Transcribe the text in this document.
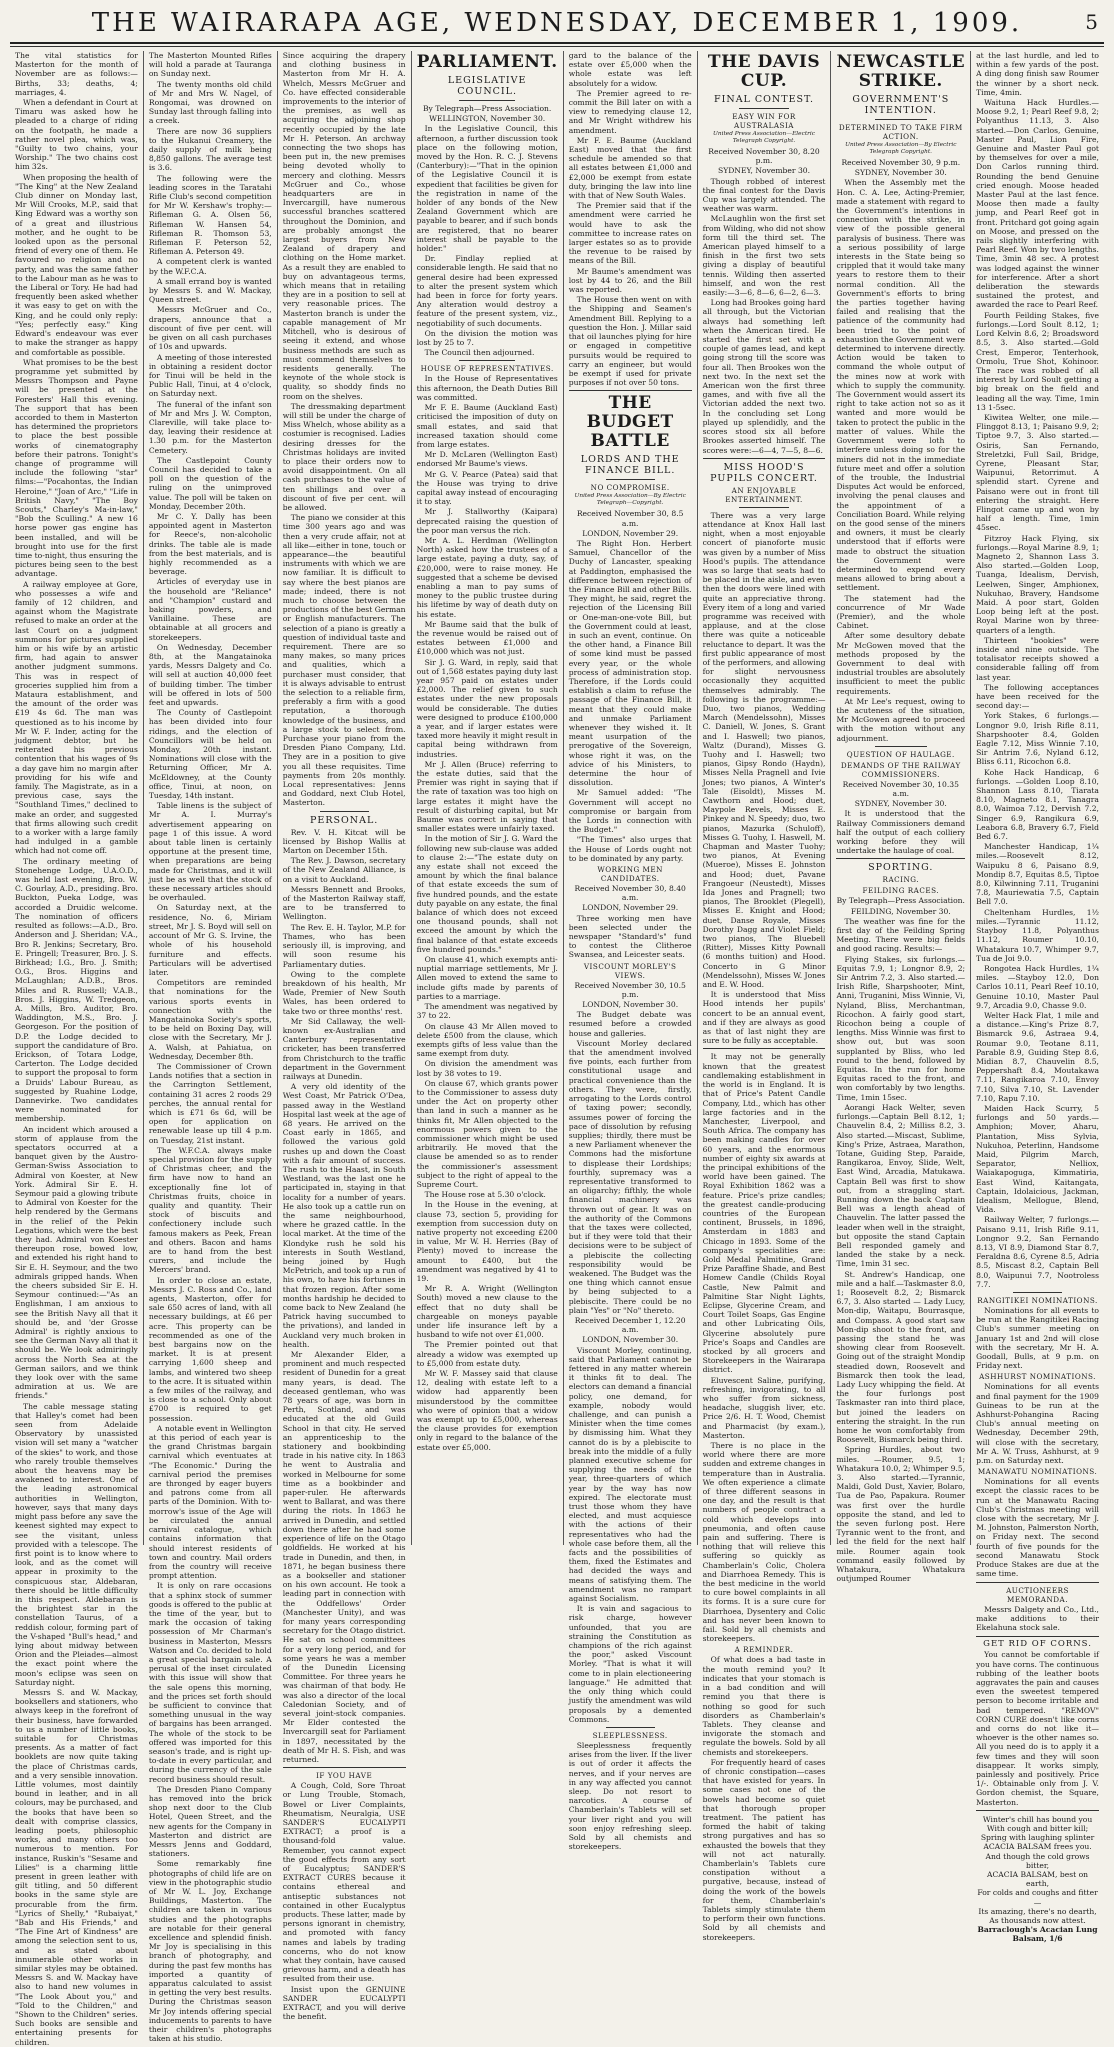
THE WAIRARAPA AGE, WEDNESDAY, DECEMBER 1, 1909.	5

The vital statistics for Masterton for the month of November are as follows:—Births, 33; deaths, 4; marriages, 4.

When a defendant in Court at Timaru was asked how he pleaded to a charge of riding on the footpath, he made a rather novel plea, which was, "Guilty to two chains, your Worship." The two chains cost him 32s.

When proposing the health of "The King" at the New Zealand Club dinner on Monday last, Mr Will Crooks, M.P., said that King Edward was a worthy son of a great and illustrious mother, and he ought to be looked upon as the personal friend of every one of them. He favoured no religion and no party, and was the same father to the Labour man as he was to the Liberal or Tory. He had had frequently been asked whether it was easy to get on with the King, and he could only reply: "Yes; perfectly easy." King Edward's endeavour was ever to make the stranger as happy and comfortable as possible.

What promises to be the best programme yet submitted by Messrs Thompson and Payne will be presented at the Foresters' Hall this evening. The support that has been accorded to them in Masterton has determined the proprietors to place the best possible works of cinematography before their patrons. Tonight's change of programme will include the following "star" films:—"Pocahontas, the Indian Heroine," "Joan of Arc," "Life in British Navy," "The Boy Scouts," Charley's Ma-in-law," "Bob the Sculling." A new 16 horse power gas engine has been installed, and will be brought into use for the first time to-night, thus ensuring the pictures being seen to the best advantage.

A railway employee at Gore, who possesses a wife and family of 12 children, and against whom the Magistrate refused to make an order at the last Court on a judgment summons for pictures supplied him or his wife by an artistic firm, had again to answer another judgment summons. This was in respect of groceries supplied him from a Mataura establishment, and the amount of the order was £19 4s 6d. The man was questioned as to his income by Mr W. F. Inder, acting for the judgment debtor, but he reiterated his previous contention that his wages of 9s a day gave him no margin after providing for his wife and family. The Magistrate, as in a previous case, says the "Southland Times," declined to make an order, and suggested that firms allowing such credit to a worker with a large family had indulged in a gamble which had not come off.

The ordinary meeting of Stonehenge Lodge, U.A.O.D., was held last evening, Bro. W. C. Gourlay, A.D., presiding. Bro. Buckton, Pueka Lodge, was accorded a Druidic welcome. The nomination of officers resulted as follows:—A.D., Bro. Anderson and J. Sheridan; V.A., Bro R. Jenkins; Secretary, Bro. E. Pringell; Treasurer, Bro. J. S. Birkhead; I.G., Bro. J. Smith; O.G., Bros. Higgins and McLaughlan; A.D.B., Bros. Miles and R. Russell; V.A.B., Bros. J. Higgins, W. Tredgeon, A. Mills, Bro. Auditor, Bro. Waddington, M.S., Bro. J. Georgeson. For the position of D.P. the Lodge decided to support the candidature of Bro. Erickson, of Totara Lodge, Carterton. The Lodge decided to support the proposal to form a Druids' Labour Bureau, as suggested by Ruahine Lodge, Dannevirke. Two candidates were nominated for membership.

An incident which aroused a storm of applause from the spectators occurred at a banquet given by the Austro-German-Swiss Association to Admiral von Koester, at New York. Admiral Sir E. H. Seymour paid a glowing tribute to Admiral von Koester for the help rendered by the Germans in the relief of the Pekin Legations, which were the best they had. Admiral von Koester thereupon rose, bowed low, and extended his right hand to Sir E. H. Seymour, and the two admirals gripped hands. When the cheers subsided Sir E. H. Seymour continued:—"As an Englishman, I am anxious to see the British Navy all that it should be, and 'der Grosse Admiral' is rightly anxious to see the German Navy all that it should be. We look admiringly across the North Sea at the German sailors, and we think they look over with the same admiration at us. We are friends."

The cable message stating that Halley's comet had been seen from Adelaide Observatory by unassisted vision will set many a "watcher of the skies" to work, and those who rarely trouble themselves about the heavens may be awakened to interest. One of the leading astronomical authorities in Wellington, however, says that many days might pass before any save the keenest sighted may expect to see the visitant, unless provided with a telescope. The first point is to know where to look, and as the comet will appear in proximity to the conspicuous star, Aldebaran, there should be little difficulty in this respect. Aldebaran is the brightest star in the constellation Taurus, of a reddish colour, forming part of the V-shaped "Bull's head," and lying about midway between Orion and the Pleiades—almost the exact point where the moon's eclipse was seen on Saturday night.

Messrs S. and W. Mackay, booksellers and stationers, who always keep in the forefront of their business, have forwarded to us a number of little books, suitable for Christmas presents. As a matter of fact booklets are now quite taking the place of Christmas cards, and a very sensible innovation. Little volumes, most daintily bound in leather, and in all colours, may be purchased, and the books that have been so dealt with comprise classics, leading poets, philosophic works, and many others too numerous to mention. For instance, Ruskin's "Sesame and Lilies" is a charming little present in green leather with gilt titling, and 50 different books in the same style are procurable from the firm. "Lyrics of Shelly," "Rubaiyat," "Bab and His Friends," and "The Fine Art of Kindness" are among the selection sent to us, and as stated about innumerable other works in similar styles may be obtained. Messrs S. and W. Mackay have also to hand new volumes in "The Look About you," and "Told to the Children," and "Shown to the Children" series. Such books are sensible and entertaining presents for children.

The Masterton Mounted Rifles will hold a parade at Tauranga on Sunday next.

The twenty months old child of Mr and Mrs W. Nagel, of Rongomai, was drowned on Sunday last through falling into a creek.

There are now 36 suppliers to the Hukanui Creamery, the daily supply of milk being 8,850 gallons. The average test is 3.6.

The following were the leading scores in the Taratahi Rifle Club's second competition for Mr W. Kershaw's trophy:—Rifleman G. A. Olsen 56, Rifleman W. Hansen 54, Rifleman R. Thomson 53, Rifleman F. Peterson 52, Rifleman A. Peterson 49.

A competent clerk is wanted by the W.F.C.A.

A small errand boy is wanted by Messrs S. and W. Mackay, Queen street.

Messrs McGruer and Co., drapers, announce that a discount of five per cent. will be given on all cash purchases of 10s and upwards.

A meeting of those interested in obtaining a resident doctor for Tinui will be held in the Public Hall, Tinui, at 4 o'clock, on Saturday next.

The funeral of the infant son of Mr and Mrs J. W. Compton, Clareville, will take place to-day, leaving their residence at 1.30 p.m. for the Masterton Cemetery.

The Castlepoint County Council has decided to take a poll on the question of the ruling on the unimproved value. The poll will be taken on Monday, December 20th.

Mr C. Y. Dally has been appointed agent in Masterton for Reece's, non-alcoholic drinks. The table ale is made from the best materials, and is highly recommended as a beverage.

Articles of everyday use in the household are "Reliance" and "Champion" custard and baking powders, and Vanillaine. These are obtainable at all grocers and storekeepers.

On Wednesday, December 8th, at the Mangatainoka yards, Messrs Dalgety and Co. will sell at auction 40,000 feet of building timber. The timber will be offered in lots of 500 feet and upwards.

The County of Castlepoint has been divided into four ridings, and the election of Councillors will be held on Monday, 20th instant. Nominations will close with the Returning Officer, Mr A. McEldowney, at the County office, Tinui, at noon, on Tuesday, 14th instant.

Table linens is the subject of Mr A. I. Murray's advertisement appearing on page 1 of this issue. A word about table linen is certainly opportune at the present time, when preparations are being made for Christmas, and it will just be as well that the stock of these necessary articles should be overhauled.

On Saturday next, at the residence, No. 6, Miriam street, Mr J. S. Boyd will sell on account of Mr G. S. Irvine, the whole of his household furniture and effects. Particulars will be advertised later.

Competitors are reminded that nominations for the various sports events in connection with the Mangatainoka Society's sports, to be held on Boxing Day, will close with the Secretary, Mr J. A. Walsh, at Pahiatua, on Wednesday, December 8th.

The Commissioner of Crown Lands notifies that a section in the Carrington Settlement, containing 31 acres 2 roods 29 perches, the annual rental for which is £71 6s 6d, will be open for application on renewable lease up till 4 p.m. on Tuesday, 21st instant.

The W.F.C.A. always make special provision for the supply of Christmas cheer, and the firm have now to hand an exceptionally fine lot of Christmas fruits, choice in quality and quantity. Their stock of biscuits and confectionery include such famous makers as Peek, Frean and others. Bacon and hams are to hand from the best curers, and include the Mercers' brand.

In order to close an estate, Messrs J. C. Ross and Co., land agents, Masterton, offer for sale 650 acres of land, with all necessary buildings, at £6 per acre. This property can be recommended as one of the best bargains now on the market. It is at present carrying 1,600 sheep and lambs, and wintered two sheep to the acre. It is situated within a few miles of the railway, and is close to a school. Only about £700 is required to get possession.

A notable event in Wellington at this period of each year is the grand Christmas bargain carnival which eventuates at "The Economic." During the carnival period the premises are thronged by eager buyers and patrons come from all parts of the Dominion. With to-morrow's issue of the Age will be circulated the annual carnival catalogue, which contains information that should interest residents of town and country. Mail orders from the country will receive prompt attention.

It is only on rare occasions that a sphinx stock of summer goods is offered to the public at the time of the year, but to mark the occasion of taking possession of Mr Charman's business in Masterton, Messrs Watson and Co. decided to hold a great special bargain sale. A perusal of the inset circulated with this issue will show that the sale opens this morning, and the prices set forth should be sufficient to convince that something unusual in the way of bargains has been arranged. The whole of the stock to be offered was imported for this season's trade, and is right up-to-date in every particular, and during the currency of the sale record business should result.

The Dresden Piano Company has removed into the brick shop next door to the Club Hotel, Queen Street, and the new agents for the Company in Masterton and district are Messrs Jenns and Goddard, stationers.

Some remarkably fine photographs of child life are on view in the photographic studio of Mr W. L. Joy, Exchange Buildings, Masterton. The children are taken in various studies and the photographs are notable for their general excellence and splendid finish. Mr Joy is specialising in this branch of photography, and during the past few months has imported a quantity of apparatus calculated to assist in getting the very best results. During the Christmas season Mr Joy intends offering special inducements to parents to have their children's photographs taken at his studio.

Since acquiring the drapery and clothing business in Masterton from Mr H. A. Whelch, Messrs McGruer and Co. have effected considerable improvements to the interior of the premises, as well as acquiring the adjoining shop recently occupied by the late Mr H. Peterson. An archway connecting the two shops has been put in, the new premises being devoted wholly to mercery and clothing. Messrs McGruer and Co., whose headquarters are in Invercargill, have numerous successful branches scattered throughout the Dominion, and are probably amongst the largest buyers from New Zealand of drapery and clothing on the Home market. As a result they are enabled to buy on advantageous terms, which means that in retailing they are in a position to sell at very reasonable prices. The Masterton branch is under the capable management of Mr Mitchell, who is desirous of seeing it extend, and whose business methods are such as must commend themselves to residents generally. The keynote of the whole stock is quality, so shoddy finds no room on the shelves.

The dressmaking department will still be under the charge of Miss Whelch, whose ability as a costumier is recognised. Ladies desiring dresses for the Christmas holidays are invited to place their orders now to avoid disappointment. On all cash purchases to the value of ten shillings and over a discount of five per cent. will be allowed.

The piano we consider at this time 300 years ago and was then a very crude affair, not at all like—either in tone, touch or appearance—the beautiful instruments with which we are now familiar. It is difficult to say where the best pianos are made; indeed, there is not much to choose between the productions of the best German or English manufacturers. The selection of a piano is greatly a question of individual taste and requirement. There are so many makes, so many prices and qualities, which a purchaser must consider, that it is always advisable to entrust the selection to a reliable firm, preferably a firm with a good reputation, a thorough knowledge of the business, and a large stock to select from. Purchase your piano from the Dresden Piano Company, Ltd. They are in a position to give you all these requisites. Time payments from 20s monthly. Local representatives: Jenns and Goddard, next Club Hotel, Masterton.

PERSONAL.

Rev. V. H. Kitcat will be licensed by Bishop Wallis at Marton on December 15th.

The Rev. J. Dawson, secretary of the New Zealand Alliance, is on a visit to Auckland.

Messrs Bennett and Brooks, of the Masterton Railway staff, are to be transferred to Wellington.

The Rev. E. H. Taylor, M.P. for Thames, who has been seriously ill, is improving, and will soon resume his Parliamentary duties.

Owing to the complete breakdown of his health, Mr Wade, Premier of New South Wales, has been ordered to take two or three months' rest.

Mr Sid Callaway, the well-known ex-Australian and Canterbury representative cricketer, has been transferred from Christchurch to the traffic department in the Government railways at Dunedin.

A very old identity of the West Coast, Mr Patrick O'Dea, passed away in the Westland Hospital last week at the age of 68 years. He arrived on the Coast early in 1865, and followed the various gold rushes up and down the Coast with a fair amount of success. The rush to the Haast, in South Westland, was the last one he participated in, staying in that locality for a number of years. He also took up a cattle run on the same neighbourhood, where he grazed cattle. In the local market. At the time of the Klondyke rush he sold his interests in South Westland, being joined by Hugh McPetrich, and took up a run of his own, to have his fortunes in that frozen region. After some months hardship he decided to come back to New Zealand (he Patrick having succumbed to the privations), and landed in Auckland very much broken in health.

Mr Alexander Elder, a prominent and much respected resident of Dunedin for a great many years, is dead. The deceased gentleman, who was 78 years of age, was born in Perth, Scotland, and was educated at the old Guild School in that city. He served an apprenticeship to the stationery and bookbinding trade in his native city. In 1863 he went to Australia and worked in Melbourne for some time as a bookbinder and paper-ruler. He afterwards went to Ballarat, and was there during the riots. In 1863 he arrived in Dunedin, and settled down there after he had some experience of life on the Otago goldfields. He worked at his trade in Dunedin, and then, in 1871, he began business there as a bookseller and stationer on his own account. He took a leading part in connection with the Oddfellows' Order (Manchester Unity), and was for many years corresponding secretary for the Otago district. He sat on school committees for a very long period, and for some years he was a member of the Dunedin Licensing Committee. For three years he was chairman of that body. He was also a director of the local Caledonian Society, and of several joint-stock companies. Mr Elder contested the Invercargill seat for Parliament in 1897, necessitated by the death of Mr H. S. Fish, and was returned.

IF YOU HAVE

A Cough, Cold, Sore Throat or Lung Trouble, Stomach, Bowel or Liver Complaints, Rheumatism, Neuralgia, USE SANDER'S EUCALYPTI EXTRACT; a proof is a thousand-fold value. Remember, you cannot expect the good effects from any sort of Eucalyptus; SANDER'S EXTRACT CURES because it contains ethereal and antiseptic substances not contained in other Eucalyptus products. These latter, made by persons ignorant in chemistry, and promoted with fancy names and labels by trading concerns, who do not know what they contain, have caused grievous harm, and a death has resulted from their use.

Insist upon the GENUINE SANDER EUCALYPTI EXTRACT, and you will derive the benefit.

PARLIAMENT.
LEGISLATIVE COUNCIL.
By Telegraph—Press Association.
WELLINGTON, November 30.

In the Legislative Council, this afternoon, a further discussion took place on the following motion, moved by the Hon. R. C. J. Stevens (Canterbury):—"That in the opinion of the Legislative Council it is expedient that facilities be given for the registration in name of the holder of any bonds of the New Zealand Government which are payable to bearer, and if such bonds are registered, that no bearer interest shall be payable to the holder."

Dr. Findlay replied at considerable length. He said that no general desire had been expressed to alter the present system which had been in force for forty years. Any alteration would destroy a feature of the present system, viz., negotiability of such documents.

On the division the motion was lost by 25 to 7.

The Council then adjourned.

HOUSE OF REPRESENTATIVES.

In the House of Representatives this afternoon, the Death Duties Bill was committed.

Mr F. E. Baume (Auckland East) criticised the imposition of duty on small estates, and said that increased taxation should come from large estates.

Mr D. McLaren (Wellington East) endorsed Mr Baume's views.

Mr G. V. Pearce (Patea) said that the House was trying to drive capital away instead of encouraging it to stay.

Mr J. Stallworthy (Kaipara) deprecated raising the question of the poor man versus the rich.

Mr A. L. Herdman (Wellington North) asked how the trustees of a large estate, paying a duty, say, of £20,000, were to raise money. He suggested that a scheme be devised enabling a man to pay sums of money to the public trustee during his lifetime by way of death duty on his estate.

Mr Baume said that the bulk of the revenue would be raised out of estates between £1,000 and £10,000 which was not just.

Sir J. G. Ward, in reply, said that out of 1,568 estates paying duty last year 957 paid on estates under £2,000. The relief given to such estates under the new proposals would be considerable. The duties were designed to produce £100,000 a year, and if larger estates were taxed more heavily it might result in capital being withdrawn from industries.

Mr J. Allen (Bruce) referring to the estate duties, said that the Premier was right in saying that if the rate of taxation was too high on large estates it might have the result of disturbing capital, but Mr Baume was correct in saying that smaller estates were unfairly taxed.

In the motion of Sir J. G. Ward the following new sub-clause was added to clause 2:—"The estate duty on any estate shall not exceed the amount by which the final balance of that estate exceeds the sum of five hundred pounds, and the estate duty payable on any estate, the final balance of which does not exceed one thousand pounds, shall not exceed the amount by which the final balance of that estate exceeds five hundred pounds."

On clause 41, which exempts anti-nuptial marriage settlements, Mr J. Allen moved to extend the same to include gifts made by parents of parties to a marriage.

The amendment was negatived by 37 to 22.

On clause 43 Mr Allen moved to delete £500 from the clause, which exempts gifts of less value than the same exempt from duty.

On division the amendment was lost by 38 votes to 19.

On clause 67, which grants power to the Commissioner to assess duty under the Act on property other than land in such a manner as he thinks fit, Mr Allen objected to the enormous powers given to the commissioner which might be used arbitrarily. He moved that the clause be amended so as to render the commissioner's assessment subject to the right of appeal to the Supreme Court.

The House rose at 5.30 o'clock.

In the House in the evening, at clause 73, section 5, providing for exemption from succession duty on native property not exceeding £200 in value, Mr W. H. Herries (Bay of Plenty) moved to increase the amount to £400, but the amendment was negatived by 41 to 19.

Mr R. A. Wright (Wellington South) moved a new clause to the effect that no duty shall be chargeable on moneys payable under life insurance left by a husband to wife not over £1,000.

The Premier pointed out that already a widow was exempted up to £5,000 from estate duty.

Mr W. F. Massey said that clause 12, dealing with estate left to a widow had apparently been misunderstood by the committee who were of opinion that a widow was exempt up to £5,000, whereas the clause provides for exemption only in regard to the balance of the estate over £5,000.

gard to the balance of the estate over £5,000 when the whole estate was left absolutely for a widow.

The Premier agreed to re-commit the Bill later on with a view to remedying clause 12, and Mr Wright withdrew his amendment.

Mr F. E. Baume (Auckland East) moved that the first schedule be amended so that all estates between £1,000 and £2,000 be exempt from estate duty, bringing the law into line with that of New South Wales.

The Premier said that if the amendment were carried he would have to ask the committee to increase rates on larger estates so as to provide the revenue to be raised by means of the Bill.

Mr Baume's amendment was lost by 44 to 26, and the Bill was reported.

The House then went on with the Shipping and Seamen's Amendment Bill. Replying to a question the Hon. J. Millar said that oil launches plying for hire or engaged in competitive pursuits would be required to carry an engineer, but would be exempt if used for private purposes if not over 50 tons.

THE BUDGET BATTLE
LORDS AND THE FINANCE BILL.
NO COMPROMISE.
United Press Association—By Electric Telegraph—Copyright.
Received November 30, 8.5 a.m.
LONDON, November 29.

The Right Hon. Herbert Samuel, Chancellor of the Duchy of Lancaster, speaking at Paddington, emphasised the difference between rejection of the Finance Bill and other Bills. They might, he said, regret the rejection of the Licensing Bill or One-man-one-vote Bill, but the Government could at least, in such an event, continue. On the other hand, a Finance Bill of some kind must be passed every year, or the whole process of administration stop. Therefore, if the Lords could establish a claim to refuse the passage of the Finance Bill, it meant that they could make and unmake Parliament whenever they wished it. It meant usurpation of the prerogative of the Sovereign, whose right it was, on the advice of his Ministers, to determine the hour of dissolution.

Mr Samuel added: "The Government will accept no compromise or bargain from the Lords in connection with the Budget."

"The Times" also urges that the House of Lords ought not to be dominated by any party.

WORKING MEN CANDIDATES.
Received November 30, 8.40 a.m.
LONDON, November 29.

Three working men have been selected under the newspaper "Standard's" fund to contest the Clitheroe Swansea, and Leicester seats.

VISCOUNT MORLEY'S VIEWS.
Received November 30, 10.5 p.m.
LONDON, November 30.

The Budget debate was resumed before a crowded house and galleries.

Viscount Morley declared that the amendment involved five points, each further from constitutional usage and practical convenience than the others. They were, firstly, arrogating to the Lords control of taxing power; secondly, assumes power of forcing the pace of dissolution by refusing supplies; thirdly, there must be a new Parliament whenever the Commons had the misfortune to displease their Lordships; fourthly, supremacy was a representative transformed to an oligarchy; fifthly, the whole financial machinery was thrown out of gear. It was on the authority of the Commons that the taxes were collected, but if they were told that their decisions were to be subject of a plebiscite the collecting responsibility would be weakened. The Budget was the one thing which cannot ensue by being subjected to a plebiscite. There could be no plain "Yes" or "No" thereto.

Received December 1, 12.20 a.m.
LONDON, November 30.

Viscount Morley, continuing, said that Parliament cannot be fettered in any matter wherein it thinks fit to deal. The electors can demand a financial policy, one demand, for example, nobody would challenge, and can punish a Minister when the time comes by dismissing him. What they cannot do is by a plebiscite to break into the middle of a fully planned executive scheme for supplying the needs of the year, three-quarters of which year by the way has now expired. The electorate must trust those whom they have elected, and must acquiesce with the actions of their representatives who had the whole case before them, all the facts and the possibilities of them, fixed the Estimates and had decided the ways and means of satisfying them. The amendment was no rampart against Socialism.

It is vain and sagacious to risk charge, however unfounded, that you are straining the Constitution as champions of the rich against the poor," asked Viscount Morley. "That is what it will come to in plain electioneering language." He admitted that the only thing which could justify the amendment was wild proposals by a demented Commons.

SLEEPLESSNESS.

Sleeplessness frequently arises from the liver. If the liver is out of order it affects the nerves, and if your nerves are in any way affected you cannot sleep. Do not resort to narcotics. A course of Chamberlain's Tablets will set your liver right and you will soon enjoy refreshing sleep. Sold by all chemists and storekeepers.

THE DAVIS CUP.
FINAL CONTEST.
EASY WIN FOR AUSTRALASIA
United Press Association—Electric Telegraph Copyright.
Received November 30, 8.20 p.m.
SYDNEY, November 30.

Though robbed of interest the final contest for the Davis Cup was largely attended. The weather was warm.

McLaughlin won the first set from Wilding, who did not show form till the third set. The American played himself to a finish in the first two sets giving a display of beautiful tennis. Wilding then asserted himself, and won the rest easily:—3—6, 8—6, 6—2, 6—3.

Long had Brookes going hard all through, but the Victorian always had something left when the American tired. He started the first set with a couple of games lead, and kept going strong till the score was four all. Then Brookes won the next two. In the next set the American won the first three games, and with five all the Victorian added the next two. In the concluding set Long played up splendidly, and the scores stood six all before Brookes asserted himself. The scores were:—6—4, 7—5, 8—6.

MISS HOOD'S PUPILS CONCERT.
AN ENJOYABLE ENTERTAINMENT.

There was a very large attendance at Knox Hall last night, when a most enjoyable concert of pianoforte music was given by a number of Miss Hood's pupils. The attendance was so large that seats had to be placed in the aisle, and even then the doors were lined with quite an appreciative throng. Every item of a long and varied programme was received with applause, and at the close there was quite a noticeable reluctance to depart. It was the first public appearance of most of the performers, and allowing for slight nervousness occasionally they acquitted themselves admirably. The following is the programme:—Duo, two pianos, Wedding March (Mendelssohn), Misses C. Daniell, W. Jones, S. Grant and I. Haswell; two pianos, Waltz (Durand), Misses G. Tuohy and I. Haswell; two pianos, Gipsy Rondo (Haydn), Misses Nella Pragnell and Ivie Jones; two pianos, A Winter's Tale (Eisoldt), Misses M. Cawthorn and Hood; duet, Maypole Revels, Misses E. Pinkey and N. Speedy; duo, two pianos, Mazurka (Schuloff), Misses G. Tuohy, I. Haswell, M. Chapman and Master Tuohy; two pianos, At Evening (Mueroe), Misses E. Johnston and Hood; duet, Pavane Frangoeur (Neustedt), Misses Ida Jones and Pragnell; two pianos, The Brooklet (Plegell), Misses E. Knight and Hood; duet, Danse Royale, Misses Dorothy Dagg and Violet Field; two pianos, The Bluebell (Ritter), Misses Kitty Pownall (6 months tuition) and Hood. Concerto in G Minor (Mendelssohn), Misses W. Jones and E. W. Hood.

It is understood that Miss Hood intends her pupils' concert to be an annual event, and if they are always as good as that of last night they are sure to be fully as acceptable.

It may not be generally known that the greatest candlemaking establishment in the world is in England. It is that of Price's Patent Candle Company, Ltd., which has other large factories and in the Manchester, Liverpool, and South Africa. The company has been making candles for over 60 years, and the enormous number of eighty six awards at the principal exhibitions of the world have been gained. The Royal Exhibition 1862 was a feature. Price's prize candles; the greatest candle-producing countries of the European continent, Brussels, in 1896, Amsterdam in 1883 and Chicago in 1893. Some of the company's specialities are: Gold Medal Palmitine, Grand Prize Paraffine Shade, and Best Homew Candle (Childs Royal Castle, New Palmit and Palmitine Star Night Lights, Eclipse, Glycerine Cream, and Court Toilet Soaps, Gas Engine and other Lubricating Oils, Glycerine absolutely pure Price's Soaps and Candles are stocked by all grocers and Storekeepers in the Wairarapa district.

Eluvescent Saline, purifying, refreshing, invigorating, to all who suffer from sickness, headache, sluggish liver, etc. Price 2/6. H. T. Wood, Chemist and Pharmacist (by exam.), Masterton.

There is no place in the world where there are more sudden and extreme changes in temperature than in Australia. We often experience a climate of three different seasons in one day, and the result is that numbers of people contract a cold which develops into pneumonia, and often cause pain and suffering. There is nothing that will relieve this suffering so quickly as Chamberlain's Colic, Cholera and Diarrhoea Remedy. This is the best medicine in the world to cure bowel complaints in all its forms. It is a sure cure for Diarrhoea, Dysentery and Colic and has never been known to fail. Sold by all chemists and storekeepers.

A REMINDER.

Of what does a bad taste in the mouth remind you? It indicates that your stomach is in a bad condition and will remind you that there is nothing so good for such disorders as Chamberlain's Tablets. They cleanse and invigorate the stomach and regulate the bowels. Sold by all chemists and storekeepers.

For frequently heard of cases of chronic constipation—cases that have existed for years. In some cases not one of the bowels had become so quiet that thorough proper treatment. The patient has formed the habit of taking strong purgatives and has so exhausted the bowels that they will not act naturally. Chamberlain's Tablets cure constipation without a purgative, because, instead of doing the work of the bowels for them, Chamberlain's Tablets simply stimulate them to perform their own functions. Sold by all chemists and storekeepers.

NEWCASTLE STRIKE.
GOVERNMENT'S INTENTION.
DETERMINED TO TAKE FIRM ACTION.
United Press Association—By Electric Telegraph Copyright.
Received November 30, 9 p.m.
SYDNEY, November 30.

When the Assembly met the Hon. C. A. Lee, Acting-Premier, made a statement with regard to the Government's intentions in connection with the strike, in view of the possible general paralysis of business. There was a serious possibility of large interests in the State being so crippled that it would take many years to restore them to their normal condition. All the Government's efforts to bring the parties together having failed and realising that the patience of the community had been tried to the point of exhaustion the Government were determined to intervene directly. Action would be taken to command the whole output of the mines now at work with which to supply the community. The Government would assert its right to take action not so as it wanted and more would be taken to protect the public in the matter of values. While the Government were loth to interfere unless doing so for the miners did not in the immediate future meet and offer a solution of the trouble, the Industrial Disputes Act would be enforced, involving the penal clauses and the appointment of a Conciliation Board. While relying on the good sense of the miners and owners, it must be clearly understood that if efforts were made to obstruct the situation the Government were determined to expend every means allowed to bring about a settlement.

The statement had the concurrence of Mr Wade (Premier), and the whole Cabinet.

After some desultory debate Mr McGowen moved that the methods proposed by the Government to deal with industrial troubles are absolutely insufficient to meet the public requirements.

At Mr Lee's request, owing to the acuteness of the situation, Mr McGowen agreed to proceed with the motion without any adjournment.

QUESTION OF HAULAGE.
DEMANDS OF THE RAILWAY COMMISSIONERS.
Received November 30, 10.35 a.m.
SYDNEY, November 30.

It is understood that the Railway Commissioners demand half the output of each colliery working before they will undertake the haulage of coal.

SPORTING.
RACING.
FEILDING RACES.
By Telegraph—Press Association.
FEILDING, November 30.

The weather was fine for the first day of the Feilding Spring Meeting. There were big fields and good racing. Results:—

Flying Stakes, six furlongs.—Equitas 7.9, 1; Longnor 8.9, 2; Sir Antrim 7.2, 3. Also started.—Irish Rifle, Sharpshooter, Mint, Anni, Truganini, Miss Winnie, Vi, Nyland, Bliss, Merchantman, Ricochon. A fairly good start, Ricochon being a couple of lengths. Miss Winnie was first to show out, but was soon supplanted by Bliss, who led round to the bend, followed by Equitas. In the run for home Equitas raced to the front, and won comfortably by two lengths. Time, 1min 15sec.

Aorangi Hack Welter, seven furlongs.—Captain Bell 8.12, 1; Chauvelin 8.4, 2; Milliss 8.2, 3. Also started.—Miscast, Sublime, King's Prize, Astraea, Marathon, Totane, Guiding Step, Paraide, Rangikaroa, Envoy, Slide, Welt, East Wind, Arcadia, Matukawa. Captain Bell was first to show out, from a straggling start. Running down the back Captain Bell was a length ahead of Chauvelin. The latter passed the leader when well in the straight, but opposite the stand Captain Bell responded gamely and landed the stake by a neck. Time, 1min 31 sec.

St. Andrew's Handicap, one mile and a half.—Taskmaster 8.0, 1; Roosevelt 8.2, 2; Bismarck 6.7, 3. Also started — Lady Lucy, Mon-dip, Waitapu, Bourrasque, and Compass. A good start saw Mon-dip shoot to the front, and passing the stand he was showing clear from Roosevelt. Going out of the straight Mondip steadied down, Roosevelt and Bismarck then took the lead, Lady Lucy whipping the field. At the four furlongs post Taskmaster ran into third place, but joined the leaders on entering the straight. In the run home he won comfortably from Roosevelt, Bismarck being third.

Spring Hurdles, about two miles. —Roumer, 9.5, 1; Whatakura 10.0, 2; Whimper 9.5, 3. Also started.—Tyrannic, Maldi, Gold Dust, Xavier, Bolaro, Tua de Pao, Papakura. Roumer was first over the hurdle opposite the stand, and led to the seven furlong post. Here Tyrannic went to the front, and led the field for the next half mile. Roumer again took command easily followed by Whatakura, Whatakura outjumped Roumer

at the last hurdle, and led to within a few yards of the post. A ding dong finish saw Roumer the winner by a short neck. Time, 4min.

Waituna Hack Hurdles.—Moose 9.2, 1; Pearl Reef 9.8, 2; Polyanthus 11.13, 3. Also started.—Don Carlos, Genuine, Master Paul, Lion Fire, Genuine and Master Paul got by themselves for over a mile, Don Carlos running third. Rounding the bend Genuine cried enough. Moose headed Master Paul at the last fence. Moose then made a faulty jump, and Pearl Reef got in front. Pritchard got going again on Moose, and pressed on the rails slightly interfering with Pearl Reef. Won by two lengths. Time, 3min 48 sec. A protest was lodged against the winner for interference. After a short deliberation the stewards sustained the protest, and awarded the race to Pearl Reef.

Fourth Feilding Stakes, five furlongs.—Lord Soult 8.12, 1; Lord Kelvin 8.6, 2; Broadsword 8.5, 3. Also started.—Gold Crest, Emperor, Tenterhook, Ormolu, True Shot, Kohinoor. The race was robbed of all interest by Lord Soult getting a big break on the field and leading all the way. Time, 1min 13 1-5sec.

Kiwitea Welter, one mile.—Flinggot 8.13, 1; Paisano 9.9, 2; Tiptoe 9.7, 3. Also started.—Osiris, San Fernando, Streletzki, Full Sail, Bridge, Cyrene, Pleasant Star, Waipunui, Retorrimut. A splendid start. Cyrene and Paisano were out in front till entering the straight. Here Flingot came up and won by half a length. Time, 1min 45sec.

Fitzroy Hack Flying, six furlongs.—Royal Marine 8.9, 1; Magneto 2, Shannon Lass 3. Also started.—Golden Loop, Tuanga, Idealism, Dervish, Leelwen, Singer, Amphionex, Nukuhao, Bravery, Handsome Maid. A poor start, Golden Loop being left at the post. Royal Marine won by three-quarters of a length.

Thirteen "bookies" were inside and nine outside. The totalisator receipts showed a considerable falling off from last year.

The following acceptances have been received for the second day:—

York Stakes, 6 furlongs.—Longnor 9.0, Irish Rifle 8.11, Sharpshooter 8.4, Golden Eagle 7.12, Miss Winnie 7.10, Sir Antrim 7.6, Nyland 6.12, Bliss 6.11, Ricochon 6.8.

Kohe Hack Handicap, 6 furlongs. —Golden Loop 8.10, Shannon Lass 8.10, Tiarata 8.10, Magneto 8.1, Tanagra 8.0, Waimoa 7.12, Dervish 7.2, Singer 6.9, Rangikura 6.9, Leabora 6.8, Bravery 6.7, Field Bed 6.7.

Manchester Handicap, 1¼ miles.—Roosevelt 8.12, Waipuku 8 6, Paisano 8.9, Mondip 8.7, Equitas 8.5, Tiptoe 8.0, Kilwinning 7.11, Truganini 7.8, Mauriewatia 7.5, Captain Bell 7.0.

Cheltenham Hurdles, 1½ miles.—Tyrannic 11.12, Stayboy 11.8, Polyanthus 11.12, Roumer 10.10, Whatakura 10.7, Whimper 9.7, Tua de Joi 9.0.

Rongotea Hack Hurdles, 1¼ miles. —Stayboy 12.0, Don Carlos 10.11, Pearl Reef 10.10, Genuine 10.10, Master Paul 9.7, Arcadia 9.0, Chasse 9.0.

Welter Hack Flat, 1 mile and a distance.—King's Prize 8.7, Bismarck 9.6, Astraea 9.4, Roumar 9.0, Teotane 8.11, Parable 8.9, Guiding Step 8.6, Midian 8.7, Chauvelin 8.5, Peppershaft 8.4, Moutakawa 7.11, Rangikaroa 7.10, Envoy 7.10, Silva 7.10, St. Lavender 7.10, Rapu 7.10.

Maiden Hack Scurry, 5 furlongs and 50 yards.—Amphion; Mover, Aharu, Plantation, Miss Sylvia, Nukuhoa, Peterlinn, Handsome Maid, Pilgrim March, Separator, Nelliox, Waiakapoguga, Kimmatiria, East Wind, Kaitangata, Captain, Idolaicious, Jackman, Idealism, Mellogue, Blend, Vida.

Railway Welter, 7 furlongs.—Paisano 9.11, Irish Rifle 9.11, Longnor 9.2, San Fernando 8.13, VI 8.9, Diamond Star 8.7, Feraldna 8.6, Cyrene 8.5, Adria 8.5, Miscast 8.2, Captain Bell 8.0, Waipunui 7.7, Nootroless 7.7.

RANGITIKEI NOMINATIONS.

Nominations for all events to be run at the Rangitikei Racing Club's summer meeting on January 1st and 2nd will close with the secretary, Mr H. A. Goodall, Bulls, at 9 p.m. on Friday next.

ASHHURST NOMINATIONS.

Nominations for all events and final payment for the 1909 Guineas to be run at the Ashhurst-Pohangina Racing Club's annual meeting on Wednesday, December 29th, will close with the secretary, Mr A. W. Truss, Ashhurst, at 9 p.m. on Saturday next.

MANAWATU NOMINATIONS.

Nominations for all events except the classic races to be run at the Manawatu Racing Club's Christmas meeting will close with the secretary, Mr J. M. Johnston, Palmerston North, on Friday next. The second fourth of five pounds for the second Manawatu Stock Produce Stakes are due at the same time.

AUCTIONEERS MEMORANDA.

Messrs Dalgety and Co., Ltd., make additions to their Ekelahuna stock sale.

GET RID OF CORNS.

You cannot be comfortable if you have corns. The continuous rubbing of the leather boots aggravates the pain and causes even the sweetest tempered person to become irritable and bad tempered. "REMOV" CORN CURE doesn't like corns and corns do not like it—whoever is the other names so. All you need do is to apply it a few times and they will soon disappear. It works simply, painlessly and positively. Price 1/-. Obtainable only from J. V. Gordon chemist, the Square, Masterton.

Winter's chill has bound you
With cough and bitter kill;
Spring with laughing splinter
ACACIA BALSAM frees you.
And though the cold grows bitter,
ACACIA BALSAM, best on earth,
For colds and coughs and fitter—
Its amazing, there's no dearth,
As thousands now attest.
Barraclough's Acacian Lung Balsam, 1/6
